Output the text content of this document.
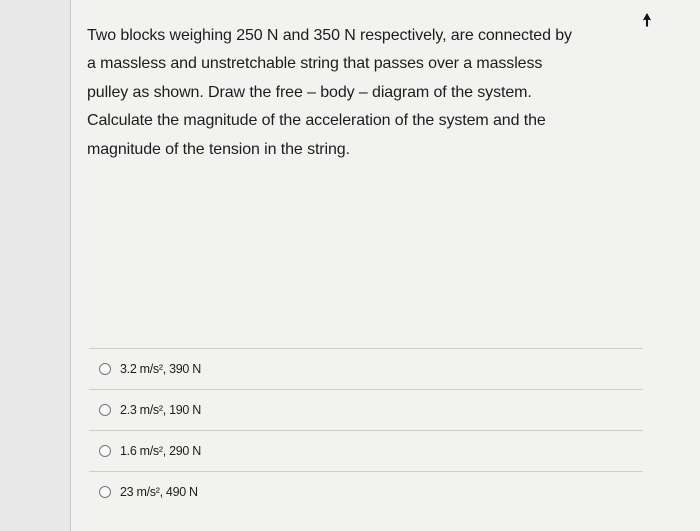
Two blocks weighing 250 N and 350 N respectively, are connected by

a massless and unstretchable string that passes over a massless

pulley as shown. Draw the free – body – diagram of the system.

Calculate the magnitude of the acceleration of the system and the

magnitude of the tension in the string.

3.2 m/s², 390 N
2.3 m/s², 190 N
1.6 m/s², 290 N
23 m/s², 490 N
